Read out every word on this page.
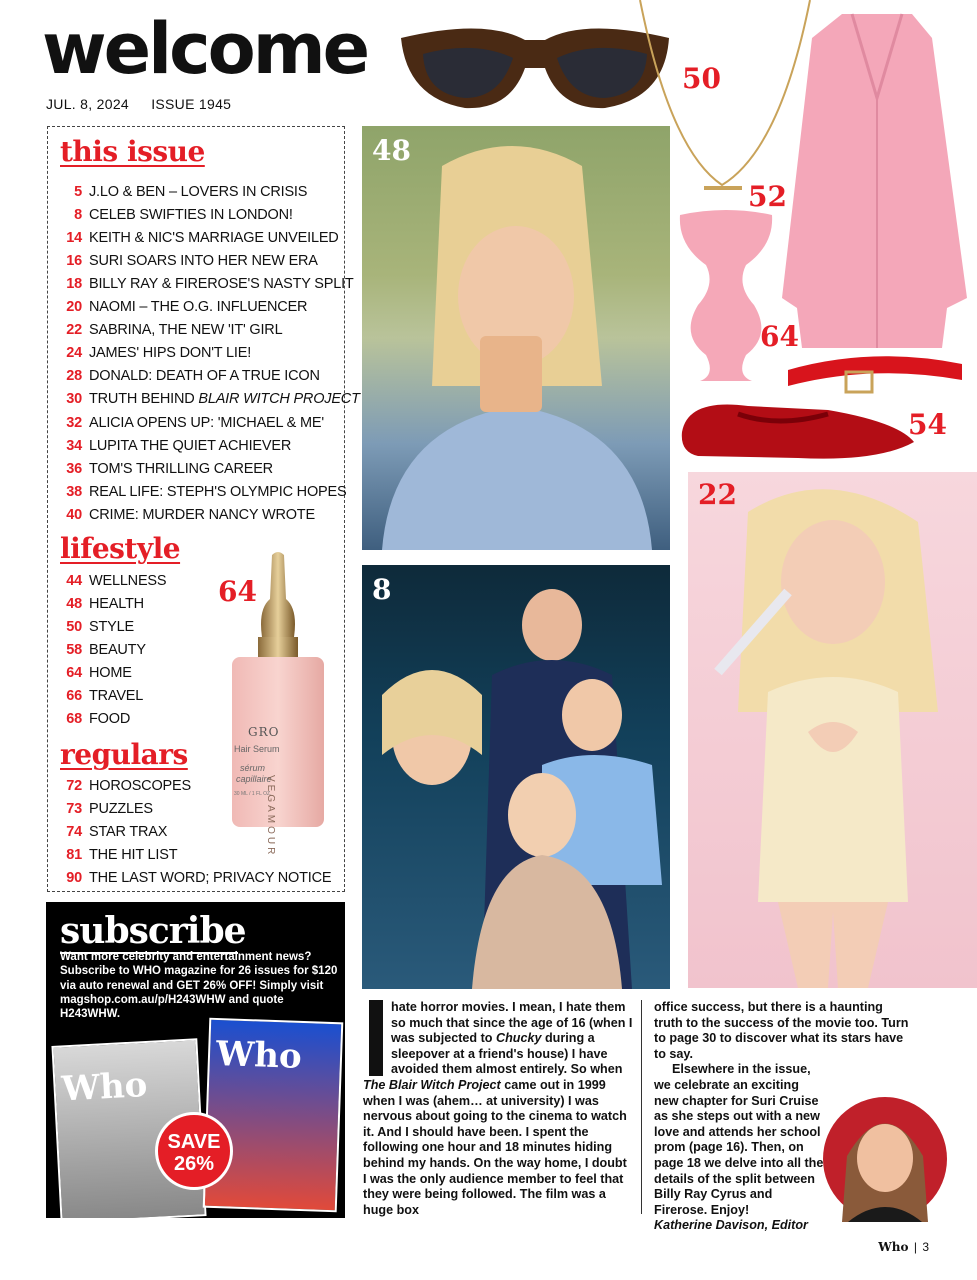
welcome
JUL. 8, 2024 ISSUE 1945
this issue
5 J.LO & BEN – LOVERS IN CRISIS
8 CELEB SWIFTIES IN LONDON!
14 KEITH & NIC'S MARRIAGE UNVEILED
16 SURI SOARS INTO HER NEW ERA
18 BILLY RAY & FIREROSE'S NASTY SPLIT
20 NAOMI – THE O.G. INFLUENCER
22 SABRINA, THE NEW 'IT' GIRL
24 JAMES' HIPS DON'T LIE!
28 DONALD: DEATH OF A TRUE ICON
30 TRUTH BEHIND BLAIR WITCH PROJECT
32 ALICIA OPENS UP: 'MICHAEL & ME'
34 LUPITA THE QUIET ACHIEVER
36 TOM'S THRILLING CAREER
38 REAL LIFE: STEPH'S OLYMPIC HOPES
40 CRIME: MURDER NANCY WROTE
lifestyle
44 WELLNESS
48 HEALTH
50 STYLE
58 BEAUTY
64 HOME
66 TRAVEL
68 FOOD
regulars
72 HOROSCOPES
73 PUZZLES
74 STAR TRAX
81 THE HIT LIST
90 THE LAST WORD; PRIVACY NOTICE
64
GRO
Hair Serum
sérum
capillaire
30 ML / 1 FL OZ.
VEGAMOUR
50
52
64
54
48
8
22
subscribe

Want more celebrity and entertainment news? Subscribe to WHO magazine for 26 issues for $120 via auto renewal and GET 26% OFF! Simply visit magshop.com.au/p/H243WHW and quote H243WHW.

Who
Who
SAVE
26%
hate horror movies. I mean, I hate them so much that since the age of 16 (when I was subjected to Chucky during a sleepover at a friend's house) I have avoided them almost entirely. So when The Blair Witch Project came out in 1999 when I was (ahem… at university) I was nervous about going to the cinema to watch it. And I should have been. I spent the following one hour and 18 minutes hiding behind my hands. On the way home, I doubt I was the only audience member to feel that they were being followed. The film was a huge box
office success, but there is a haunting truth to the success of the movie too. Turn to page 30 to discover what its stars have to say.
Elsewhere in the issue, we celebrate an exciting new chapter for Suri Cruise as she steps out with a new love and attends her school prom (page 16). Then, on page 18 we delve into all the details of the split between Billy Ray Cyrus and Firerose. Enjoy!
Katherine Davison, Editor
Who | 3
